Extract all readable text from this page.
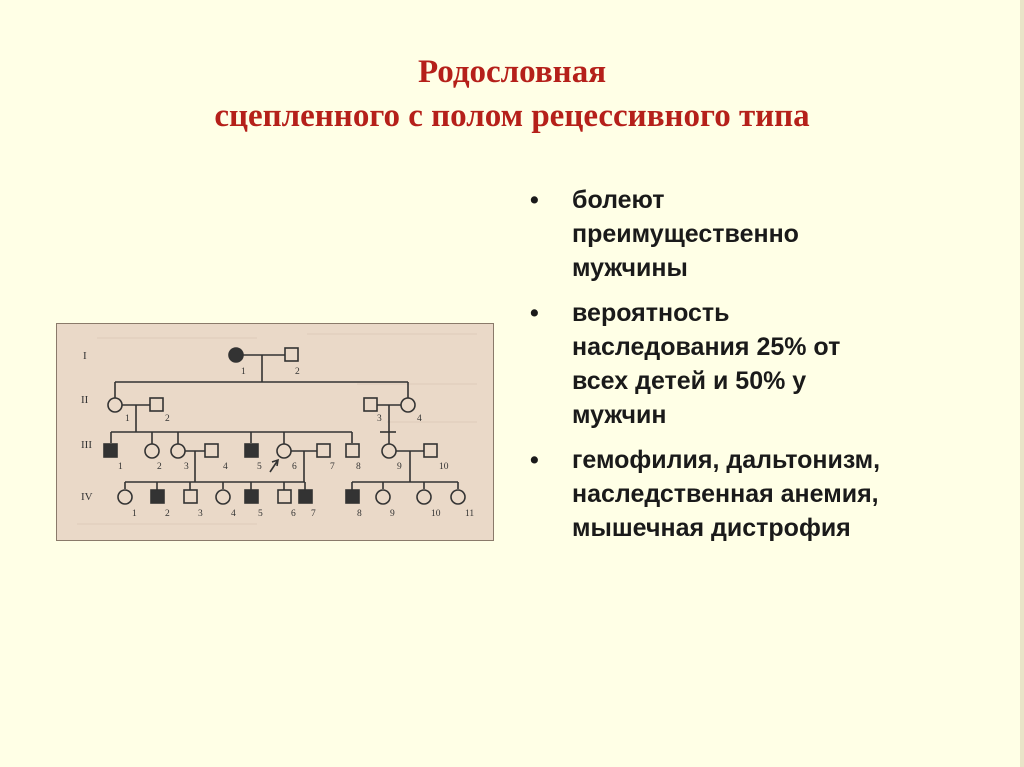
Родословная
сцепленного с полом рецессивного типа
• болеют
преимущественно
мужчины
• вероятность
наследования 25% от
всех детей и 50% у
мужчин
• гемофилия, дальтонизм,
наследственная анемия,
мышечная дистрофия
I
II
III
IV
1	2
1	2	3	4
1	2 3	4	5	6	7 8	9	10
1	2	3	4 5	6 7	8	9	10	11
